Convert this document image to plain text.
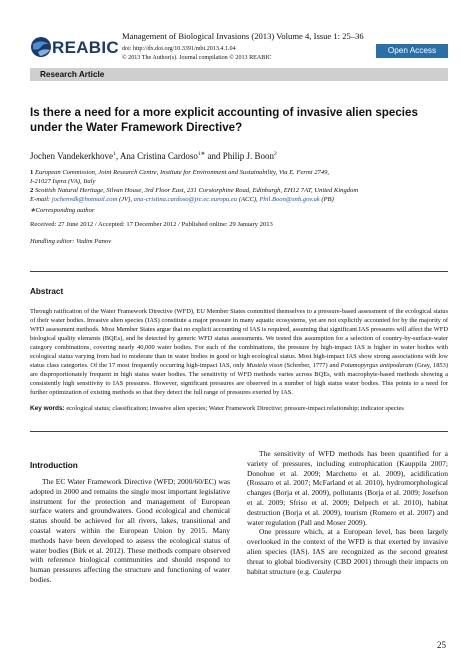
REABIC
Management of Biological Invasions (2013) Volume 4, Issue 1: 25–36
doi: http://dx.doi.org/10.3391/mbi.2013.4.1.04
© 2013 The Author(s). Journal compilation © 2013 REABIC
Open Access
Research Article
Is there a need for a more explicit accounting of invasive alien species under the Water Framework Directive?
Jochen Vandekerkhove$^1$, Ana Cristina Cardoso$^{1∗}$ and Philip J. Boon$^2$
1 European Commission, Joint Research Centre, Institute for Environment and Sustainability, Via E. Fermi 2749,
I-21027 Ispra (VA), Italy
2 Scottish Natural Heritage, Silvan House, 3rd Floor East, 231 Corstorphine Road, Edinburgh, EH12 7AT, United Kingdom
E-mail: jochenvdk@hotmail.com (JV), ana-cristina.cardoso@jrc.ec.europa.eu (ACC), Phil.Boon@snh.gov.uk (PB)
∗Corresponding author
Received: 27 June 2012 / Accepted: 17 December 2012 / Published online: 29 January 2013
Handling editor: Vadim Panov
Abstract
Through ratification of the Water Framework Directive (WFD), EU Member States committed themselves to a pressure-based assessment of the ecological status of their water bodies. Invasive alien species (IAS) constitute a major pressure in many aquatic ecosystems, yet are not explicitly accounted for by the majority of WFD assessment methods. Most Member States argue that no explicit accounting of IAS is required, assuming that significant IAS pressures will affect the WFD biological quality elements (BQEs), and be detected by generic WFD status assessments. We tested this assumption for a selection of country-by-surface-water category combinations, covering nearly 40,000 water bodies. For each of the combinations, the pressure by high-impact IAS is higher in water bodies with ecological status varying from bad to moderate than in water bodies in good or high ecological status. Most high-impact IAS show strong associations with low status class categories. Of the 17 most frequently occurring high-impact IAS, only Mustela vison (Schreber, 1777) and Potamopyrgus antipodarum (Gray, 1853) are disproportionately frequent in high status water bodies. The sensitivity of WFD methods varies across BQEs, with macrophyte-based methods showing a consistently high sensitivity to IAS pressures. However, significant pressures are observed in a number of high status water bodies. This points to a need for further optimization of existing methods so that they detect the full range of pressures exerted by IAS.
Key words: ecological status; classification; invasive alien species; Water Framework Directive; pressure-impact relationship; indicator species
Introduction

The EC Water Framework Directive (WFD; 2000/60/EC) was adopted in 2000 and remains the single most important legislative instrument for the protection and management of European surface waters and groundwaters. Good ecological and chemical status should be achieved for all rivers, lakes, transitional and coastal waters within the European Union by 2015. Many methods have been developed to assess the ecological status of water bodies (Birk et al. 2012). These methods compare observed with reference biological communities and should respond to human pressures affecting the structure and functioning of water bodies.

The sensitivity of WFD methods has been quantified for a variety of pressures, including eutrophication (Kauppila 2007; Donohue et al. 2009; Marchetto et al. 2009), acidification (Rossaro et al. 2007; McFarland et al. 2010), hydromorphological changes (Borja et al. 2009), pollutants (Borja et al. 2009; Josefson et al. 2009; Sfriso et al. 2009; Delpech et al. 2010), habitat destruction (Borja et al. 2009), tourism (Romero et al. 2007) and water regulation (Pall and Moser 2009).

One pressure which, at a European level, has been largely overlooked in the context of the WFD is that exerted by invasive alien species (IAS). IAS are recognized as the second greatest threat to global biodiversity (CBD 2001) through their impacts on habitat structure (e.g. Caulerpa

25
